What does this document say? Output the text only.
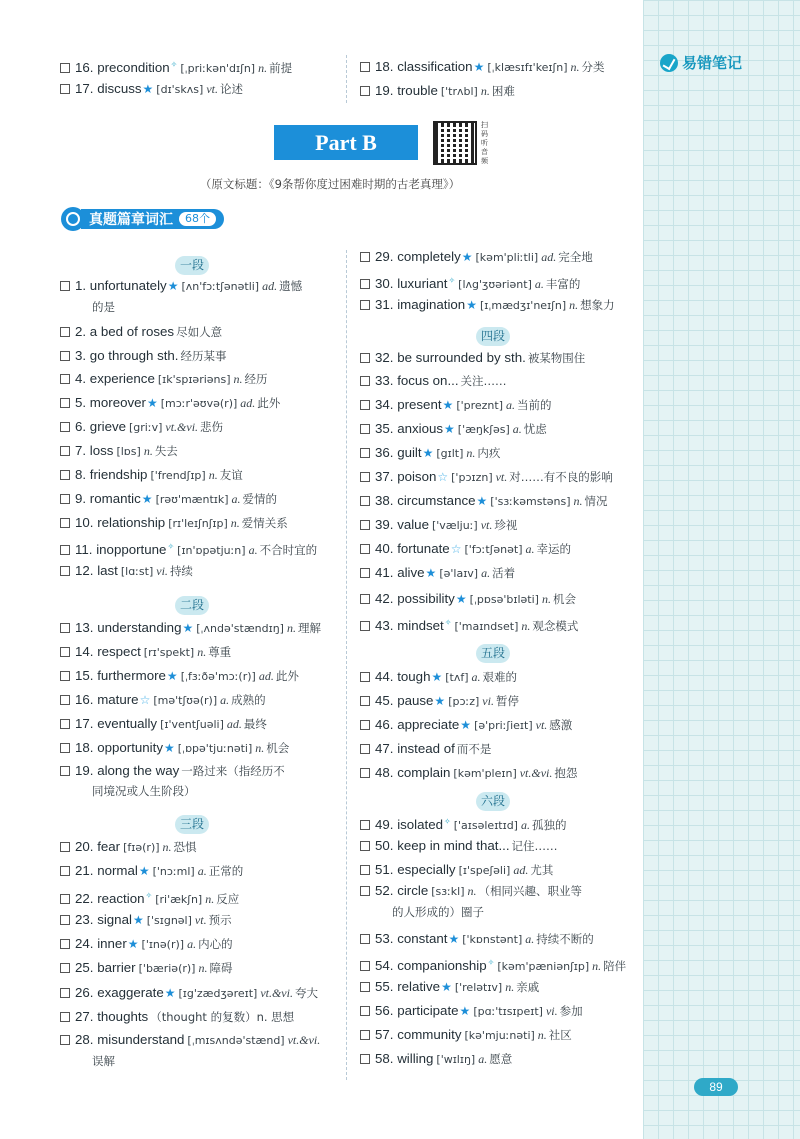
易错笔记
89
16. precondition✧ [ˌpriːkən'dɪʃn] n. 前提
17. discuss★ [dɪ'skʌs] vt. 论述
18. classification★ [ˌklæsɪfɪ'keɪʃn] n. 分类
19. trouble ['trʌbl] n. 困难
Part B
扫码听音频
（原文标题：《9条帮你度过困难时期的古老真理》）
真题篇章词汇	68个
一段
二段
三段
1. unfortunately★ [ʌn'fɔːtʃənətli] ad. 遗憾
的是
2. a bed of roses 尽如人意
3. go through sth. 经历某事
4. experience [ɪk'spɪəriəns] n. 经历
5. moreover★ [mɔːr'əʊvə(r)] ad. 此外
6. grieve [griːv] vt.&vi. 悲伤
7. loss [lɒs] n. 失去
8. friendship ['frendʃɪp] n. 友谊
9. romantic★ [rəʊ'mæntɪk] a. 爱情的
10. relationship [rɪ'leɪʃnʃɪp] n. 爱情关系
11. inopportune✧ [ɪn'ɒpətjuːn] a. 不合时宜的
12. last [lɑːst] vi. 持续
13. understanding★ [ˌʌndə'stændɪŋ] n. 理解
14. respect [rɪ'spekt] n. 尊重
15. furthermore★ [ˌfɜːðə'mɔː(r)] ad. 此外
16. mature☆ [mə'tʃʊə(r)] a. 成熟的
17. eventually [ɪ'ventʃuəli] ad. 最终
18. opportunity★ [ˌɒpə'tjuːnəti] n. 机会
19. along the way 一路过来（指经历不
同境况或人生阶段）
20. fear [fɪə(r)] n. 恐惧
21. normal★ ['nɔːml] a. 正常的
22. reaction✧ [ri'ækʃn] n. 反应
23. signal★ ['sɪgnəl] vt. 预示
24. inner★ ['ɪnə(r)] a. 内心的
25. barrier ['bæriə(r)] n. 障碍
26. exaggerate★ [ɪg'zædʒəreɪt] vt.&vi. 夸大
27. thoughts （thought 的复数）n. 思想
28. misunderstand [ˌmɪsʌndə'stænd] vt.&vi.
误解
四段
五段
六段
29. completely★ [kəm'pliːtli] ad. 完全地
30. luxuriant✧ [lʌg'ʒʊəriənt] a. 丰富的
31. imagination★ [ɪˌmædʒɪ'neɪʃn] n. 想象力
32. be surrounded by sth. 被某物围住
33. focus on... 关注……
34. present★ ['preznt] a. 当前的
35. anxious★ ['æŋkʃəs] a. 忧虑
36. guilt★ [gɪlt] n. 内疚
37. poison☆ ['pɔɪzn] vt. 对……有不良的影响
38. circumstance★ ['sɜːkəmstəns] n. 情况
39. value ['væljuː] vt. 珍视
40. fortunate☆ ['fɔːtʃənət] a. 幸运的
41. alive★ [ə'laɪv] a. 活着
42. possibility★ [ˌpɒsə'bɪləti] n. 机会
43. mindset✧ ['maɪndset] n. 观念模式
44. tough★ [tʌf] a. 艰难的
45. pause★ [pɔːz] vi. 暂停
46. appreciate★ [ə'priːʃieɪt] vt. 感激
47. instead of 而不是
48. complain [kəm'pleɪn] vt.&vi. 抱怨
49. isolated✧ ['aɪsəleɪtɪd] a. 孤独的
50. keep in mind that... 记住……
51. especially [ɪ'speʃəli] ad. 尤其
52. circle [sɜːkl] n. （相同兴趣、职业等
的人形成的）圈子
53. constant★ ['kɒnstənt] a. 持续不断的
54. companionship✧ [kəm'pæniənʃɪp] n. 陪伴
55. relative★ ['relətɪv] n. 亲戚
56. participate★ [pɑː'tɪsɪpeɪt] vi. 参加
57. community [kə'mjuːnəti] n. 社区
58. willing ['wɪlɪŋ] a. 愿意
